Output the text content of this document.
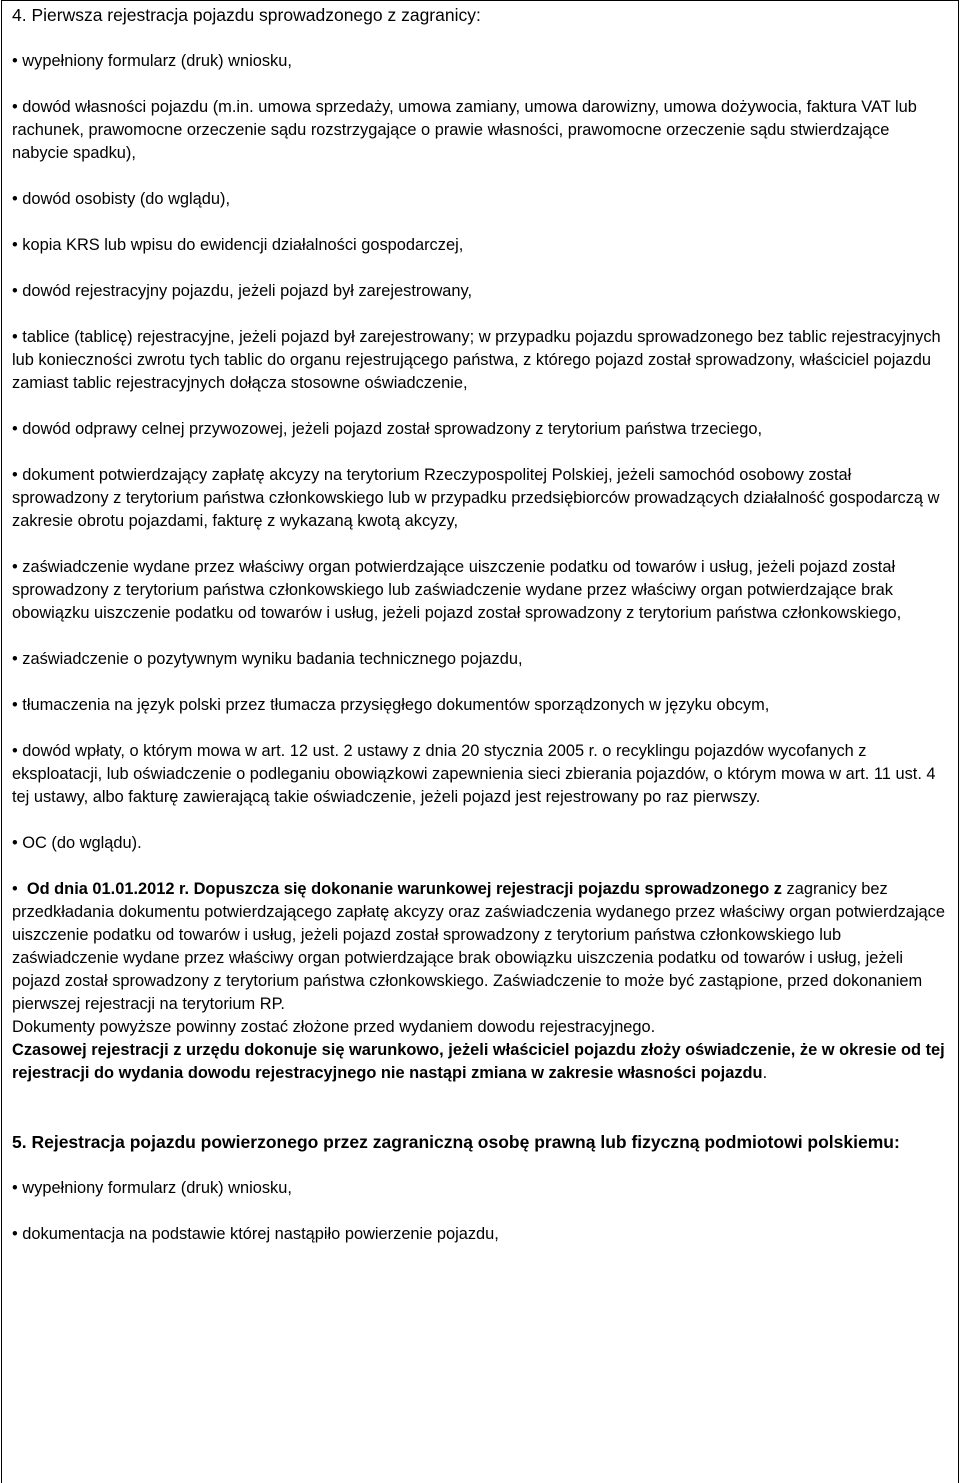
4. Pierwsza rejestracja pojazdu sprowadzonego z zagranicy:
• wypełniony formularz (druk) wniosku,
• dowód własności pojazdu (m.in. umowa sprzedaży, umowa zamiany, umowa darowizny, umowa dożywocia, faktura VAT lub rachunek, prawomocne orzeczenie sądu rozstrzygające o prawie własności, prawomocne orzeczenie sądu stwierdzające nabycie spadku),
• dowód osobisty (do wglądu),
• kopia KRS lub wpisu do ewidencji działalności gospodarczej,
• dowód rejestracyjny pojazdu, jeżeli pojazd był zarejestrowany,
• tablice (tablicę) rejestracyjne, jeżeli pojazd był zarejestrowany; w przypadku pojazdu sprowadzonego bez tablic rejestracyjnych lub konieczności zwrotu tych tablic do organu rejestrującego państwa, z którego pojazd został sprowadzony, właściciel pojazdu zamiast tablic rejestracyjnych dołącza stosowne oświadczenie,
• dowód odprawy celnej przywozowej, jeżeli pojazd został sprowadzony z terytorium państwa trzeciego,
• dokument potwierdzający zapłatę akcyzy na terytorium Rzeczypospolitej Polskiej, jeżeli samochód osobowy został sprowadzony z terytorium państwa członkowskiego lub w przypadku przedsiębiorców prowadzących działalność gospodarczą w zakresie obrotu pojazdami, fakturę z wykazaną kwotą akcyzy,
• zaświadczenie wydane przez właściwy organ potwierdzające uiszczenie podatku od towarów i usług, jeżeli pojazd został sprowadzony z terytorium państwa członkowskiego lub zaświadczenie wydane przez właściwy organ potwierdzające brak obowiązku uiszczenie podatku od towarów i usług, jeżeli pojazd został sprowadzony z terytorium państwa członkowskiego,
• zaświadczenie o pozytywnym wyniku badania technicznego pojazdu,
• tłumaczenia na język polski przez tłumacza przysięgłego dokumentów sporządzonych w języku obcym,
• dowód wpłaty, o którym mowa w art. 12 ust. 2 ustawy z dnia 20 stycznia 2005 r. o recyklingu pojazdów wycofanych z eksploatacji, lub oświadczenie o podleganiu obowiązkowi zapewnienia sieci zbierania pojazdów, o którym mowa w art. 11 ust. 4 tej ustawy, albo fakturę zawierającą takie oświadczenie, jeżeli pojazd jest rejestrowany po raz pierwszy.
• OC (do wglądu).
• Od dnia 01.01.2012 r. Dopuszcza się dokonanie warunkowej rejestracji pojazdu sprowadzonego z zagranicy bez przedkładania dokumentu potwierdzającego zapłatę akcyzy oraz zaświadczenia wydanego przez właściwy organ potwierdzające uiszczenie podatku od towarów i usług, jeżeli pojazd został sprowadzony z terytorium państwa członkowskiego lub zaświadczenie wydane przez właściwy organ potwierdzające brak obowiązku uiszczenia podatku od towarów i usług, jeżeli pojazd został sprowadzony z terytorium państwa członkowskiego. Zaświadczenie to może być zastąpione, przed dokonaniem pierwszej rejestracji na terytorium RP.
Dokumenty powyższe powinny zostać złożone przed wydaniem dowodu rejestracyjnego.
Czasowej rejestracji z urzędu dokonuje się warunkowo, jeżeli właściciel pojazdu złoży oświadczenie, że w okresie od tej rejestracji do wydania dowodu rejestracyjnego nie nastąpi zmiana w zakresie własności pojazdu.
5. Rejestracja pojazdu powierzonego przez zagraniczną osobę prawną lub fizyczną podmiotowi polskiemu:
• wypełniony formularz (druk) wniosku,
• dokumentacja na podstawie której nastąpiło powierzenie pojazdu,
